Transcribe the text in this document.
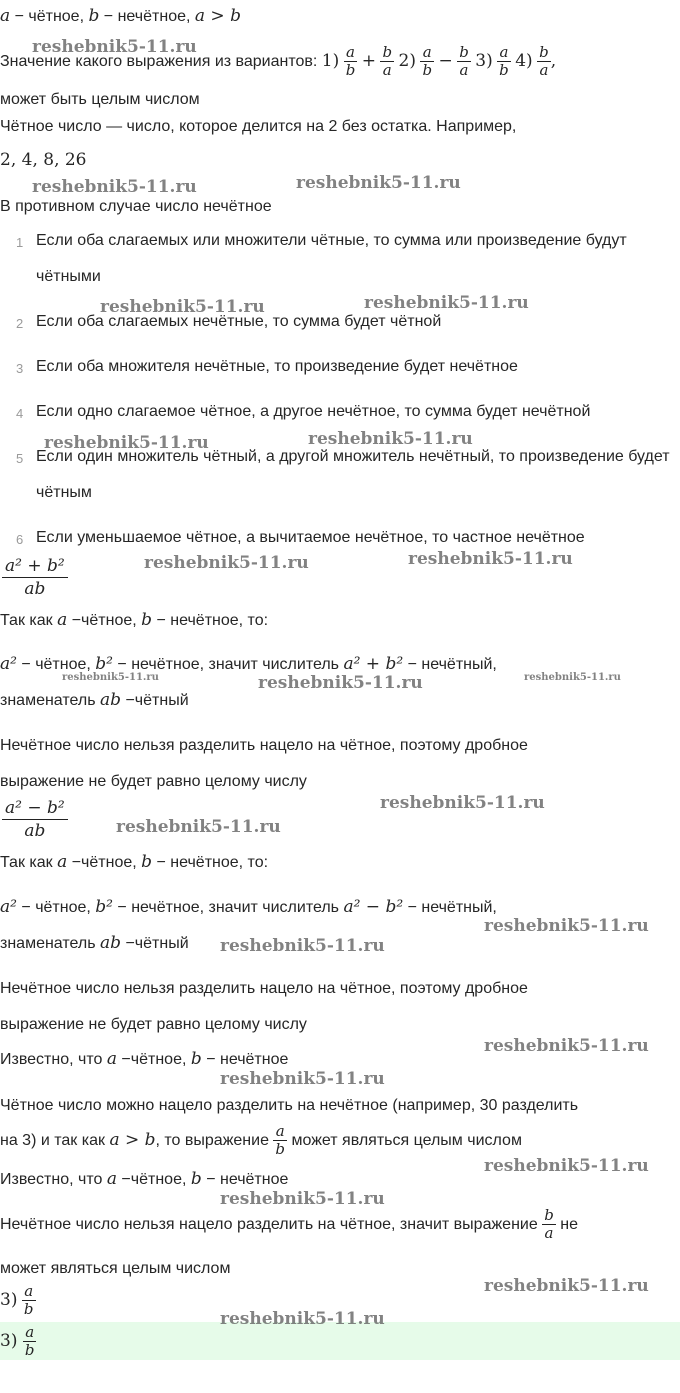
a − чётное, b − нечётное, a > b
Значение какого выражения из вариантов: $1) \frac{a}{b} + \frac{b}{a} 2) \frac{a}{b} - \frac{b}{a} 3) \frac{a}{b} 4) \frac{b}{a}$ ,
может быть целым числом
Чётное число — число, которое делится на 2 без остатка. Например,
2, 4, 8, 26
В противном случае число нечётное
1 Если оба слагаемых или множители чётные, то сумма или произведение будут чётными
2 Если оба слагаемых нечётные, то сумма будет чётной
3 Если оба множителя нечётные, то произведение будет нечётное
4 Если одно слагаемое чётное, а другое нечётное, то сумма будет нечётной
5 Если один множитель чётный, а другой множитель нечётный, то произведение будет чётным
6 Если уменьшаемое чётное, а вычитаемое нечётное, то частное нечётное
$\frac{\text{a² + b²}}{ab}$
Так как a −чётное, b − нечётное, то:
a² − чётное, b² − нечётное, значит числитель a² + b² − нечётный,
знаменатель ab −чётный
Нечётное число нельзя разделить нацело на чётное, поэтому дробное
выражение не будет равно целому числу
$\frac{\text{a² − b²}}{ab}$
Так как a −чётное, b − нечётное, то:
a² − чётное, b² − нечётное, значит числитель a² − b² − нечётный,
знаменатель ab −чётный
Нечётное число нельзя разделить нацело на чётное, поэтому дробное
выражение не будет равно целому числу
Известно, что a −чётное, b − нечётное
Чётное число можно нацело разделить на нечётное (например, 30 разделить
на 3) и так как a > b, то выражение $\frac{a}{b}$ может являться целым числом
Известно, что a −чётное, b − нечётное
Нечётное число нельзя нацело разделить на чётное, значит выражение $\frac{b}{a}$ не
может являться целым числом
$3) \frac{a}{b}$
$3) \frac{a}{b}$
reshebnik5-11.ru
reshebnik5-11.ru	reshebnik5-11.ru
reshebnik5-11.ru	reshebnik5-11.ru
reshebnik5-11.ru	reshebnik5-11.ru
reshebnik5-11.ru	reshebnik5-11.ru
reshebnik5-11.ru	reshebnik5-11.ru	reshebnik5-11.ru
reshebnik5-11.ru
reshebnik5-11.ru
reshebnik5-11.ru
reshebnik5-11.ru
reshebnik5-11.ru
reshebnik5-11.ru
reshebnik5-11.ru
reshebnik5-11.ru
reshebnik5-11.ru
reshebnik5-11.ru
